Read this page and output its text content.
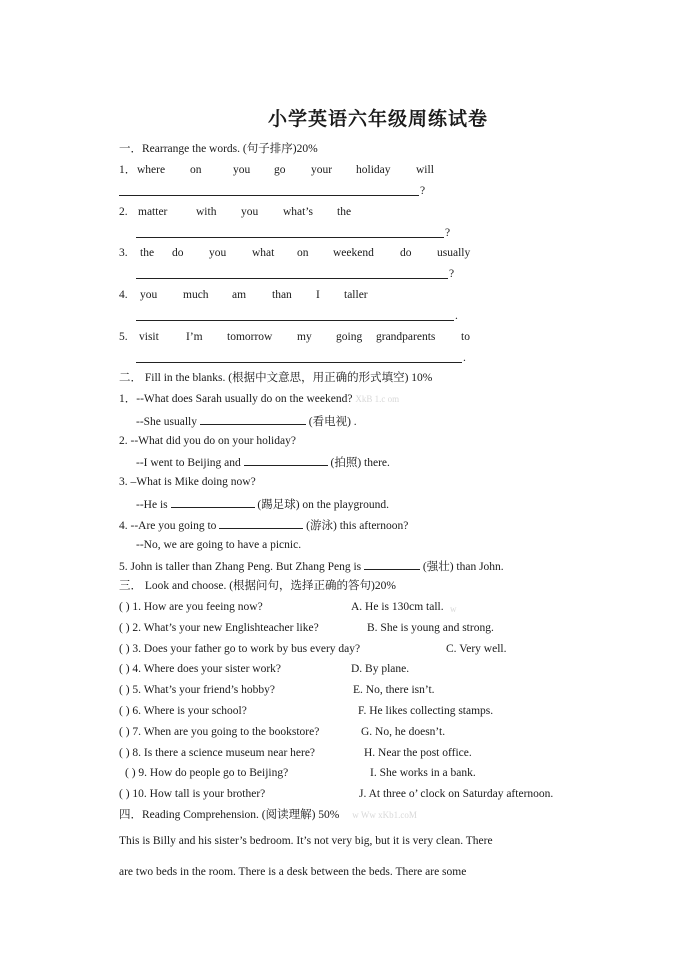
小学英语六年级周练试卷
一．Rearrange the words. (句子排序)20%
1． where on	you go your holiday will
?
2. matter with you what’s the
?
3. the do you what on weekend do usually
?
4. you much am than I taller
.
5. visit I’m tomorrow my going grandparents to
.
二． Fill in the blanks. (根据中文意思，用正确的形式填空) 10%
1．--What does Sarah usually do on the weekend? XkB 1.c om
--She usually	(看电视) .
2. --What did you do on your holiday?
--I went to Beijing and	(拍照) there.
3. –What is Mike doing now?
--He is	(踢足球) on the playground.
4. --Are you going to	(游泳) this afternoon?
--No, we are going to have a picnic.
5. John is taller than Zhang Peng. But Zhang Peng is	(强壮) than John.
三． Look and choose. (根据问句，选择正确的答句)20%
( ) 1. How are you feeing now?	A. He is 130cm tall.
( ) 2. What’s your new Englishteacher like?	B. She is young and strong.
( ) 3. Does your father go to work by bus every day?	C. Very well.
( ) 4. Where does your sister work?	D. By plane.
( ) 5. What’s your friend’s hobby?	E. No, there isn’t.
( ) 6. Where is your school?	F. He likes collecting stamps.
( ) 7. When are you going to the bookstore?	G. No, he doesn’t.
( ) 8. Is there a science museum near here?	H. Near the post office.
( ) 9. How do people go to Beijing?	I. She works in a bank.
( ) 10. How tall is your brother?	J. At three o’ clock on Saturday afternoon.
w
四．Reading Comprehension. (阅读理解) 50% w Ww xKb1.coM
This is Billy and his sister’s bedroom. It’s not very big, but it is very clean. There
are two beds in the room. There is a desk between the beds. There are some
